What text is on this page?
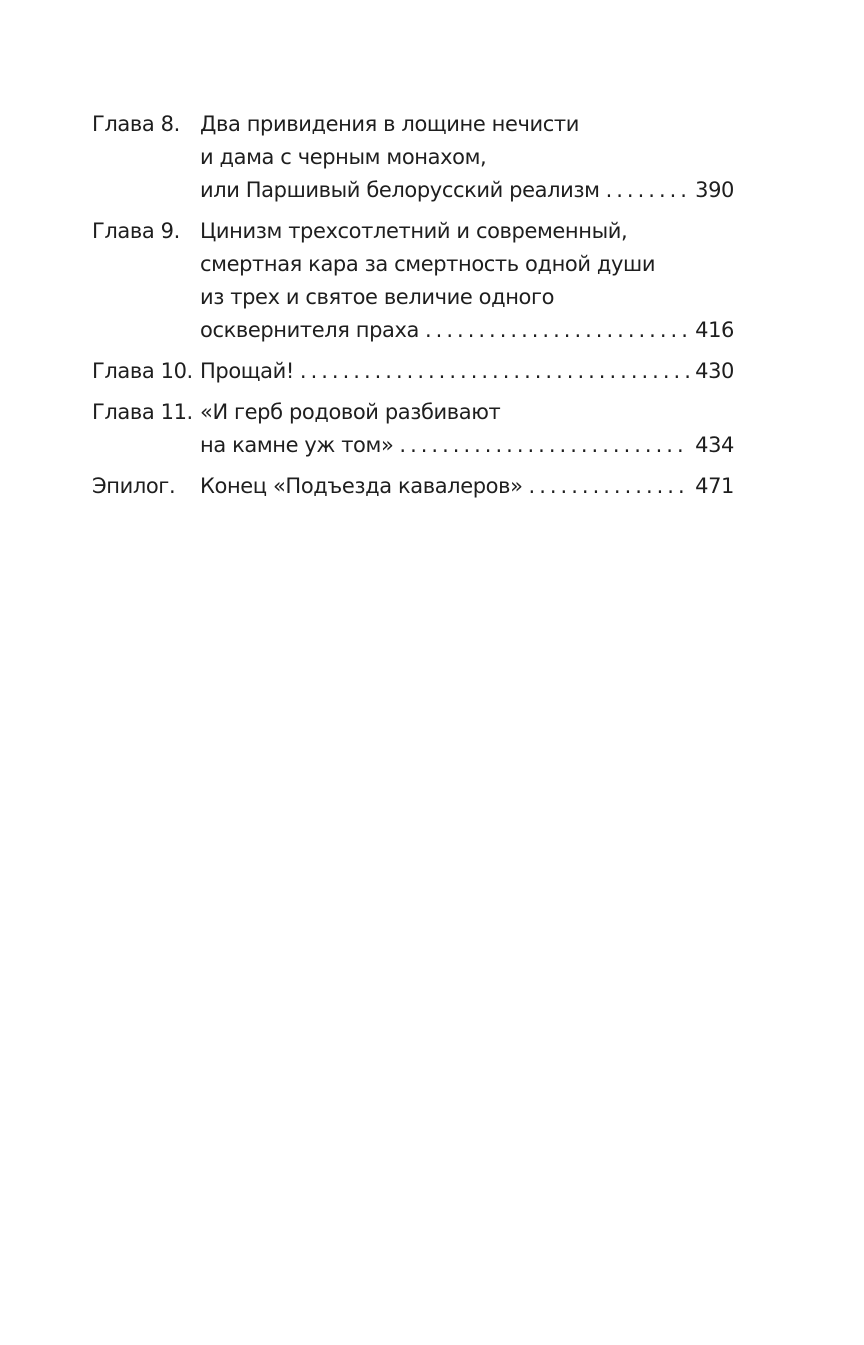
Глава 8. Два привидения в лощине нечисти
и дама с черным монахом,
или Паршивый белорусский реализм .....	390
Глава 9. Цинизм трехсотлетний и современный,
смертная кара за смертность одной души
из трех и святое величие одного
осквернителя праха .....	416
Глава 10. Прощай! .....	430
Глава 11. «И герб родовой разбивают
на камне уж том» .....	434
Эпилог.	Конец «Подъезда кавалеров» .....	471
